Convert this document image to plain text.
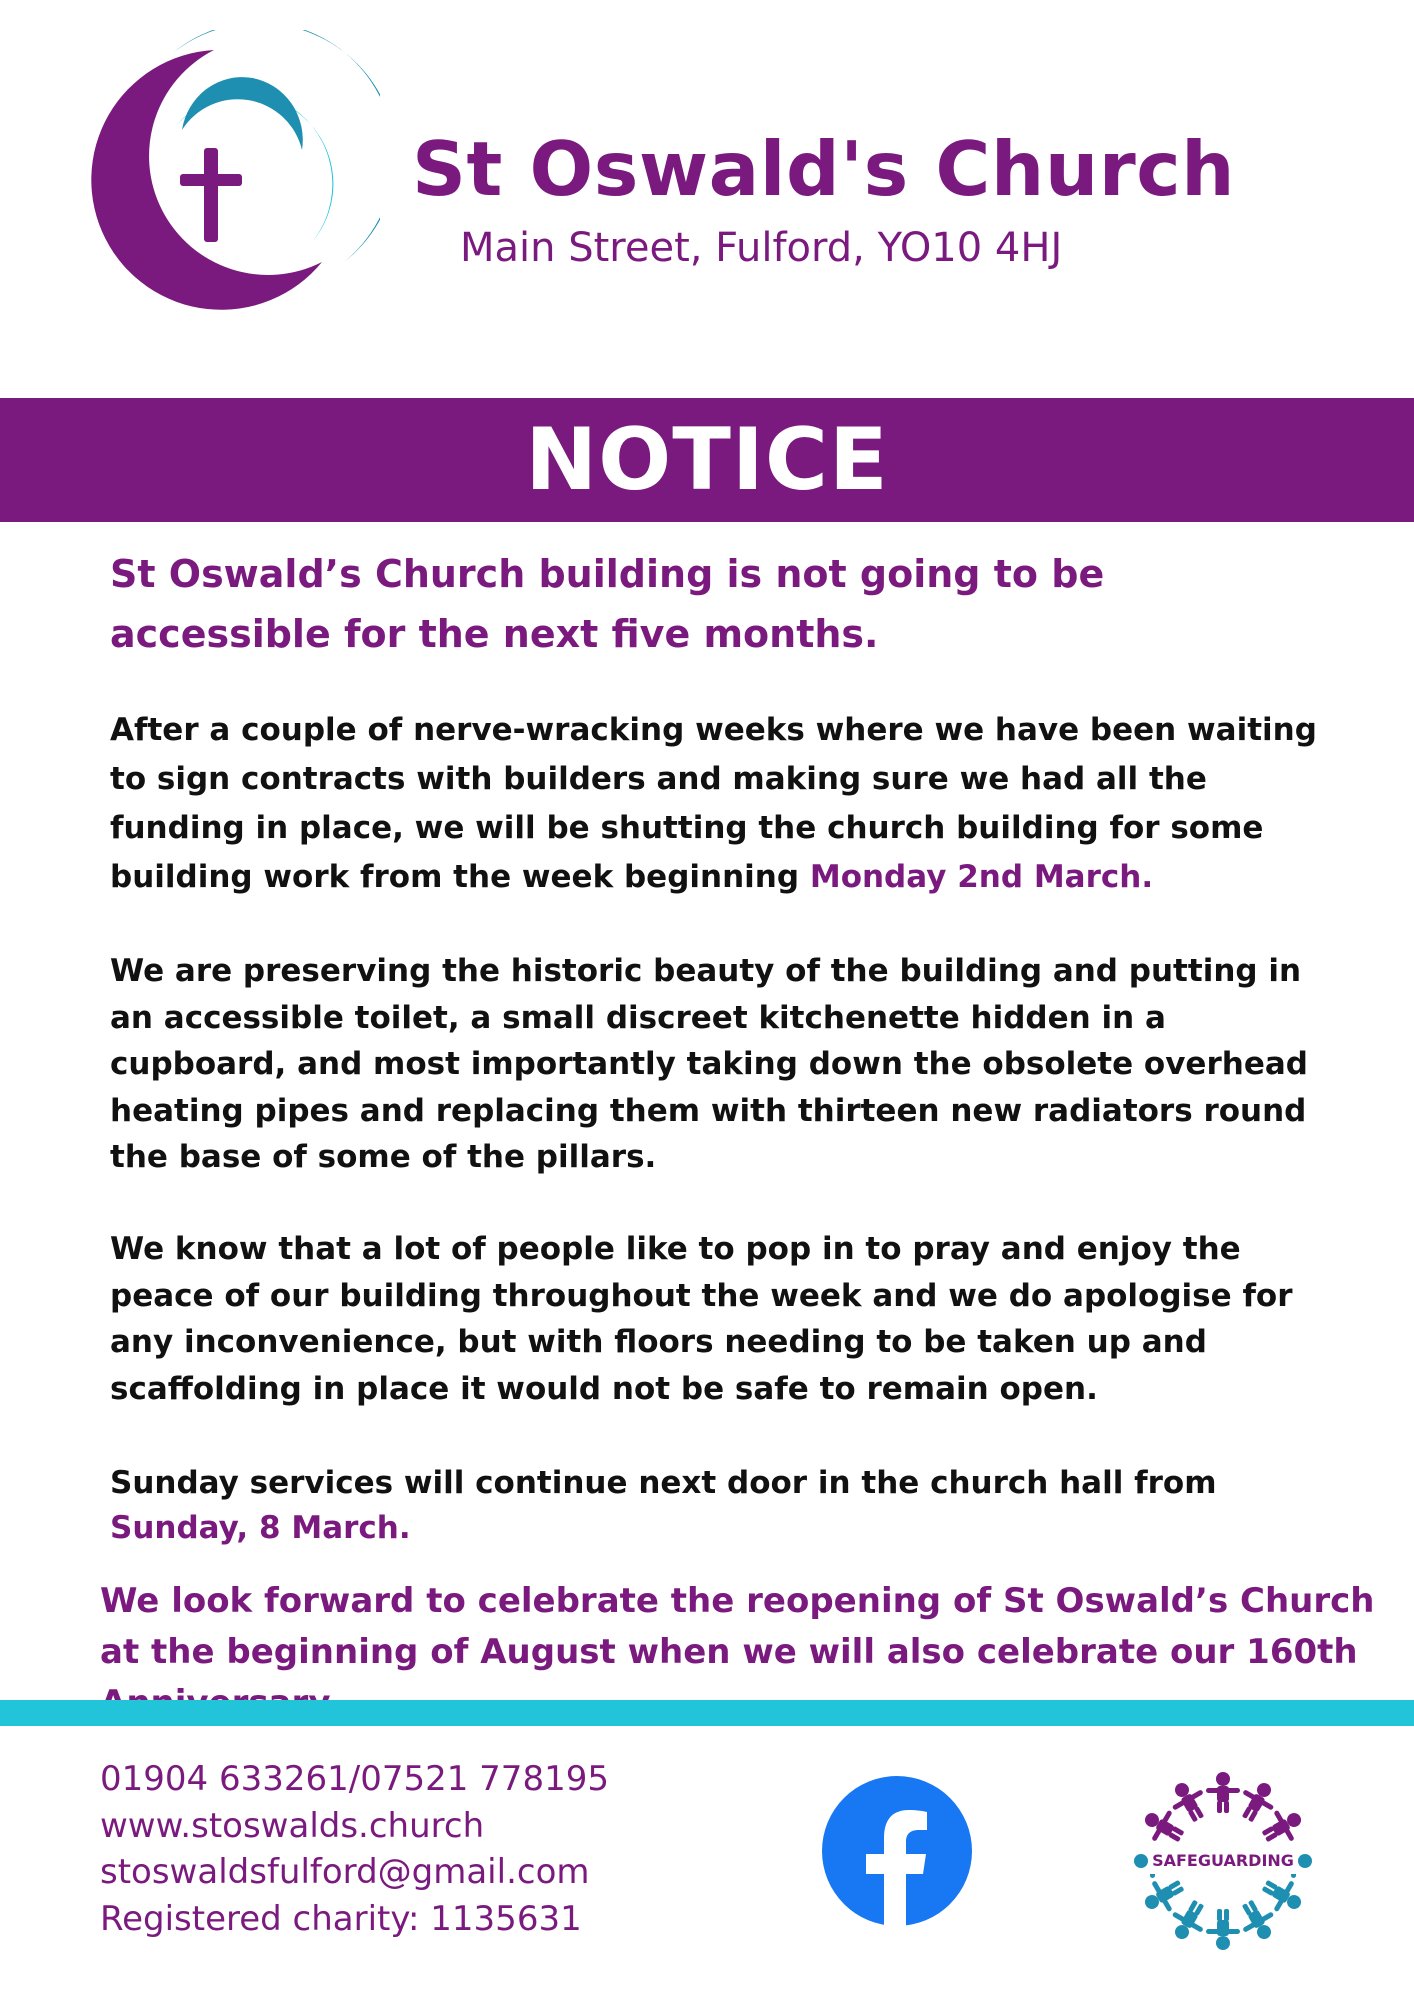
St Oswald's Church

Main Street, Fulford, YO10 4HJ

NOTICE

St Oswald’s Church building is not going to be accessible for the next five months.

After a couple of nerve-wracking weeks where we have been waiting to sign contracts with builders and making sure we had all the funding in place, we will be shutting the church building for some building work from the week beginning Monday 2nd March.

We are preserving the historic beauty of the building and putting in an accessible toilet, a small discreet kitchenette hidden in a cupboard, and most importantly taking down the obsolete overhead heating pipes and replacing them with thirteen new radiators round the base of some of the pillars.

We know that a lot of people like to pop in to pray and enjoy the peace of our building throughout the week and we do apologise for any inconvenience, but with floors needing to be taken up and scaffolding in place it would not be safe to remain open.

Sunday services will continue next door in the church hall from Sunday, 8 March.

We look forward to celebrate the reopening of St Oswald’s Church at the beginning of August when we will also celebrate our 160th

01904 633261/07521 778195
www.stoswalds.church
stoswaldsfulford@gmail.com
Registered charity: 1135631
SAFEGUARDING
